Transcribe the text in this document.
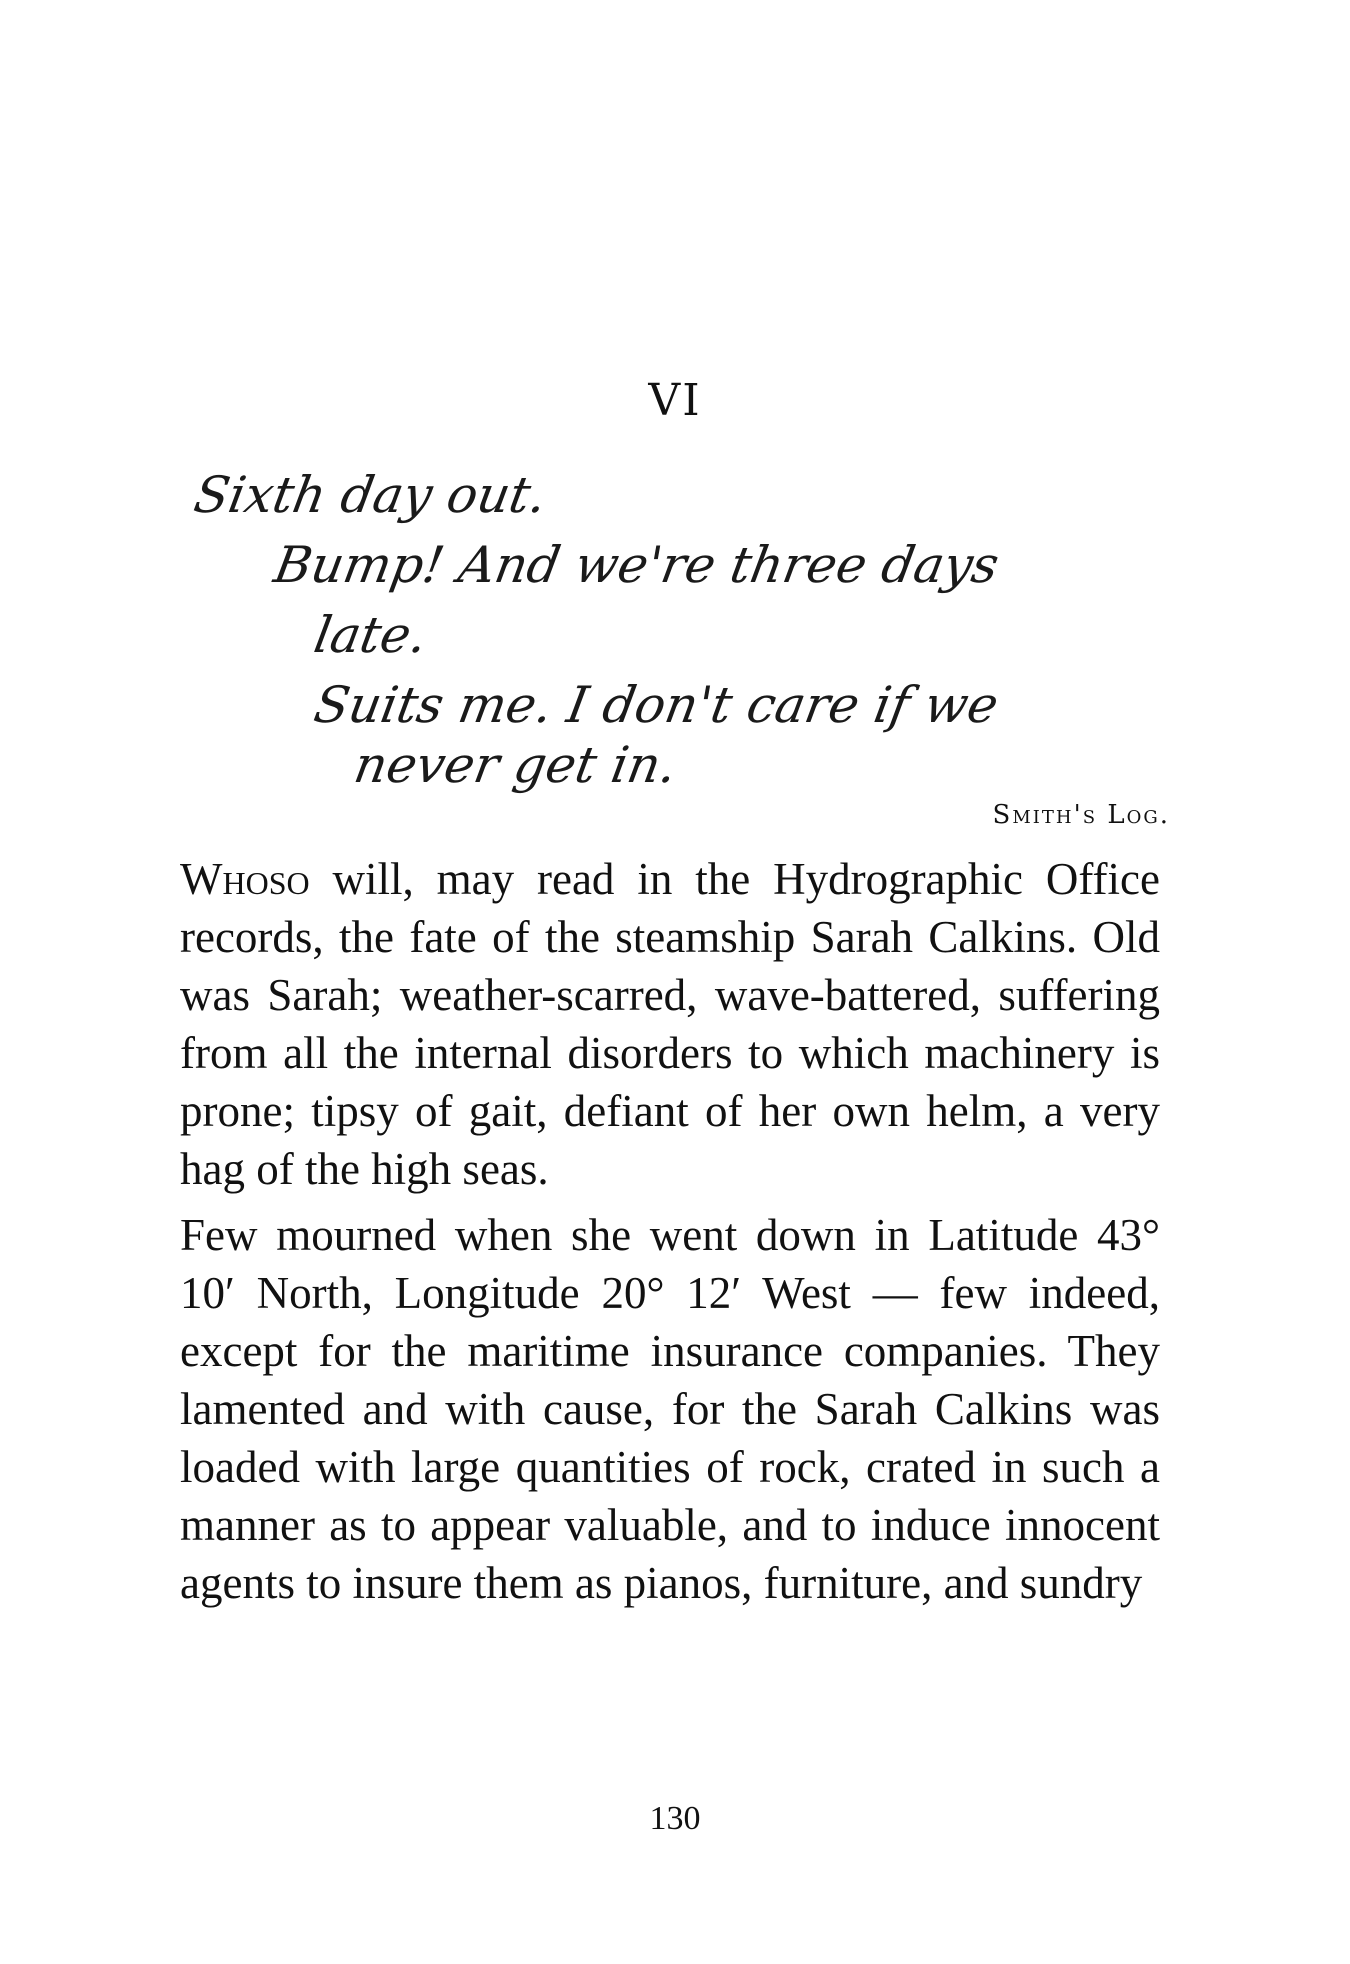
VI
Sixth day out.
Bump! And we're three days
late.
Suits me. I don't care if we
never get in.
Smith's Log.

Whoso will, may read in the Hydrographic Office records, the fate of the steamship Sarah Calkins. Old was Sarah; weather-scarred, wave-battered, suffering from all the internal disorders to which machinery is prone; tipsy of gait, defiant of her own helm, a very hag of the high seas.

Few mourned when she went down in Latitude 43° 10′ North, Longitude 20° 12′ West — few indeed, except for the maritime insurance companies. They lamented and with cause, for the Sarah Calkins was loaded with large quantities of rock, crated in such a manner as to appear valuable, and to induce innocent agents to insure them as pianos, furniture, and sundry

130
